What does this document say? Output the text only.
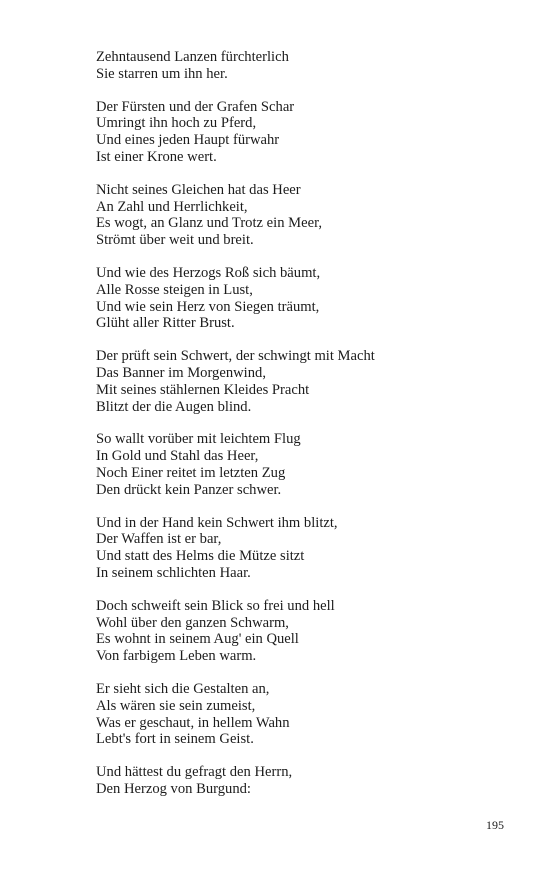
Zehntausend Lanzen fürchterlich
Sie starren um ihn her.
Der Fürsten und der Grafen Schar
Umringt ihn hoch zu Pferd,
Und eines jeden Haupt fürwahr
Ist einer Krone wert.
Nicht seines Gleichen hat das Heer
An Zahl und Herrlichkeit,
Es wogt, an Glanz und Trotz ein Meer,
Strömt über weit und breit.
Und wie des Herzogs Roß sich bäumt,
Alle Rosse steigen in Lust,
Und wie sein Herz von Siegen träumt,
Glüht aller Ritter Brust.
Der prüft sein Schwert, der schwingt mit Macht
Das Banner im Morgenwind,
Mit seines stählernen Kleides Pracht
Blitzt der die Augen blind.
So wallt vorüber mit leichtem Flug
In Gold und Stahl das Heer,
Noch Einer reitet im letzten Zug
Den drückt kein Panzer schwer.
Und in der Hand kein Schwert ihm blitzt,
Der Waffen ist er bar,
Und statt des Helms die Mütze sitzt
In seinem schlichten Haar.
Doch schweift sein Blick so frei und hell
Wohl über den ganzen Schwarm,
Es wohnt in seinem Aug' ein Quell
Von farbigem Leben warm.
Er sieht sich die Gestalten an,
Als wären sie sein zumeist,
Was er geschaut, in hellem Wahn
Lebt's fort in seinem Geist.
Und hättest du gefragt den Herrn,
Den Herzog von Burgund:
195
